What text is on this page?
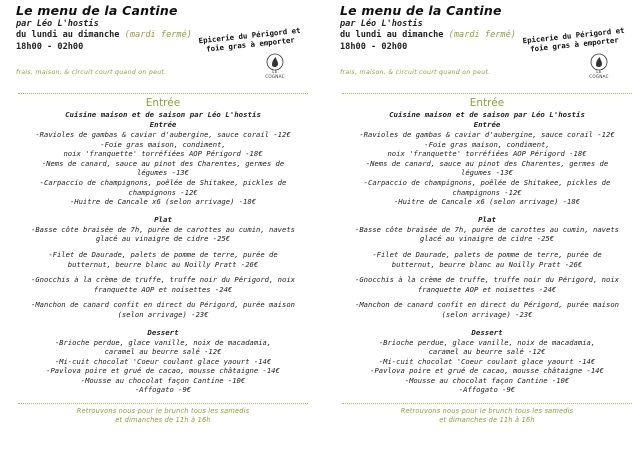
Le menu de la Cantine
par Léo L'hostis
du lundi au dimanche (mardi fermé)
18h00 - 02h00
Epicerie du Périgord et foie gras à emporter
frais, maison, & circuit court quand on peut.	LE COGNAC
Entrée
Cuisine maison et de saison par Léo L'hostis
Entrée
-Ravioles de gambas & caviar d'aubergine, sauce corail -12€
-Foie gras maison, condiment,
noix 'franquette' torréfiées AOP Périgord -18€
-Nems de canard, sauce au pinot des Charentes, germes de
légumes -13€
-Carpaccio de champignons, poêlée de Shitakee, pickles de
champignons -12€
-Huitre de Cancale x6 (selon arrivage) -18€
Plat
-Basse côte braisée de 7h, purée de carottes au cumin, navets
glacé au vinaigre de cidre -25€
-Filet de Daurade, palets de pomme de terre, purée de
butternut, beurre blanc au Noilly Pratt -26€
-Gnocchis à la crème de truffe, truffe noir du Périgord, noix
franquette AOP et noisettes -24€
-Manchon de canard confit en direct du Périgord, purée maison
(selon arrivage) -23€
Dessert
-Brioche perdue, glace vanille, noix de macadamia,
caramel au beurre salé -12€
-Mi-cuit chocolat 'Coeur coulant glace yaourt -14€
-Pavlova poire et grué de cacao, mousse châtaigne -14€
-Mousse au chocolat façon Cantine -10€
-Affogato -9€
Retrouvons nous pour le brunch tous les samedis
et dimanches de 11h à 16h
Le menu de la Cantine
par Léo L'hostis
du lundi au dimanche (mardi fermé)
18h00 - 02h00
Epicerie du Périgord et foie gras à emporter
frais, maison, & circuit court quand on peut.	LE COGNAC
Entrée
Cuisine maison et de saison par Léo L'hostis
Entrée
-Ravioles de gambas & caviar d'aubergine, sauce corail -12€
-Foie gras maison, condiment,
noix 'franquette' torréfiées AOP Périgord -18€
-Nems de canard, sauce au pinot des Charentes, germes de
légumes -13€
-Carpaccio de champignons, poêlée de Shitakee, pickles de
champignons -12€
-Huitre de Cancale x6 (selon arrivage) -18€
Plat
-Basse côte braisée de 7h, purée de carottes au cumin, navets
glacé au vinaigre de cidre -25€
-Filet de Daurade, palets de pomme de terre, purée de
butternut, beurre blanc au Noilly Pratt -26€
-Gnocchis à la crème de truffe, truffe noir du Périgord, noix
franquette AOP et noisettes -24€
-Manchon de canard confit en direct du Périgord, purée maison
(selon arrivage) -23€
Dessert
-Brioche perdue, glace vanille, noix de macadamia,
caramel au beurre salé -12€
-Mi-cuit chocolat 'Coeur coulant glace yaourt -14€
-Pavlova poire et grué de cacao, mousse châtaigne -14€
-Mousse au chocolat façon Cantine -10€
-Affogato -9€
Retrouvons nous pour le brunch tous les samedis
et dimanches de 11h à 16h
